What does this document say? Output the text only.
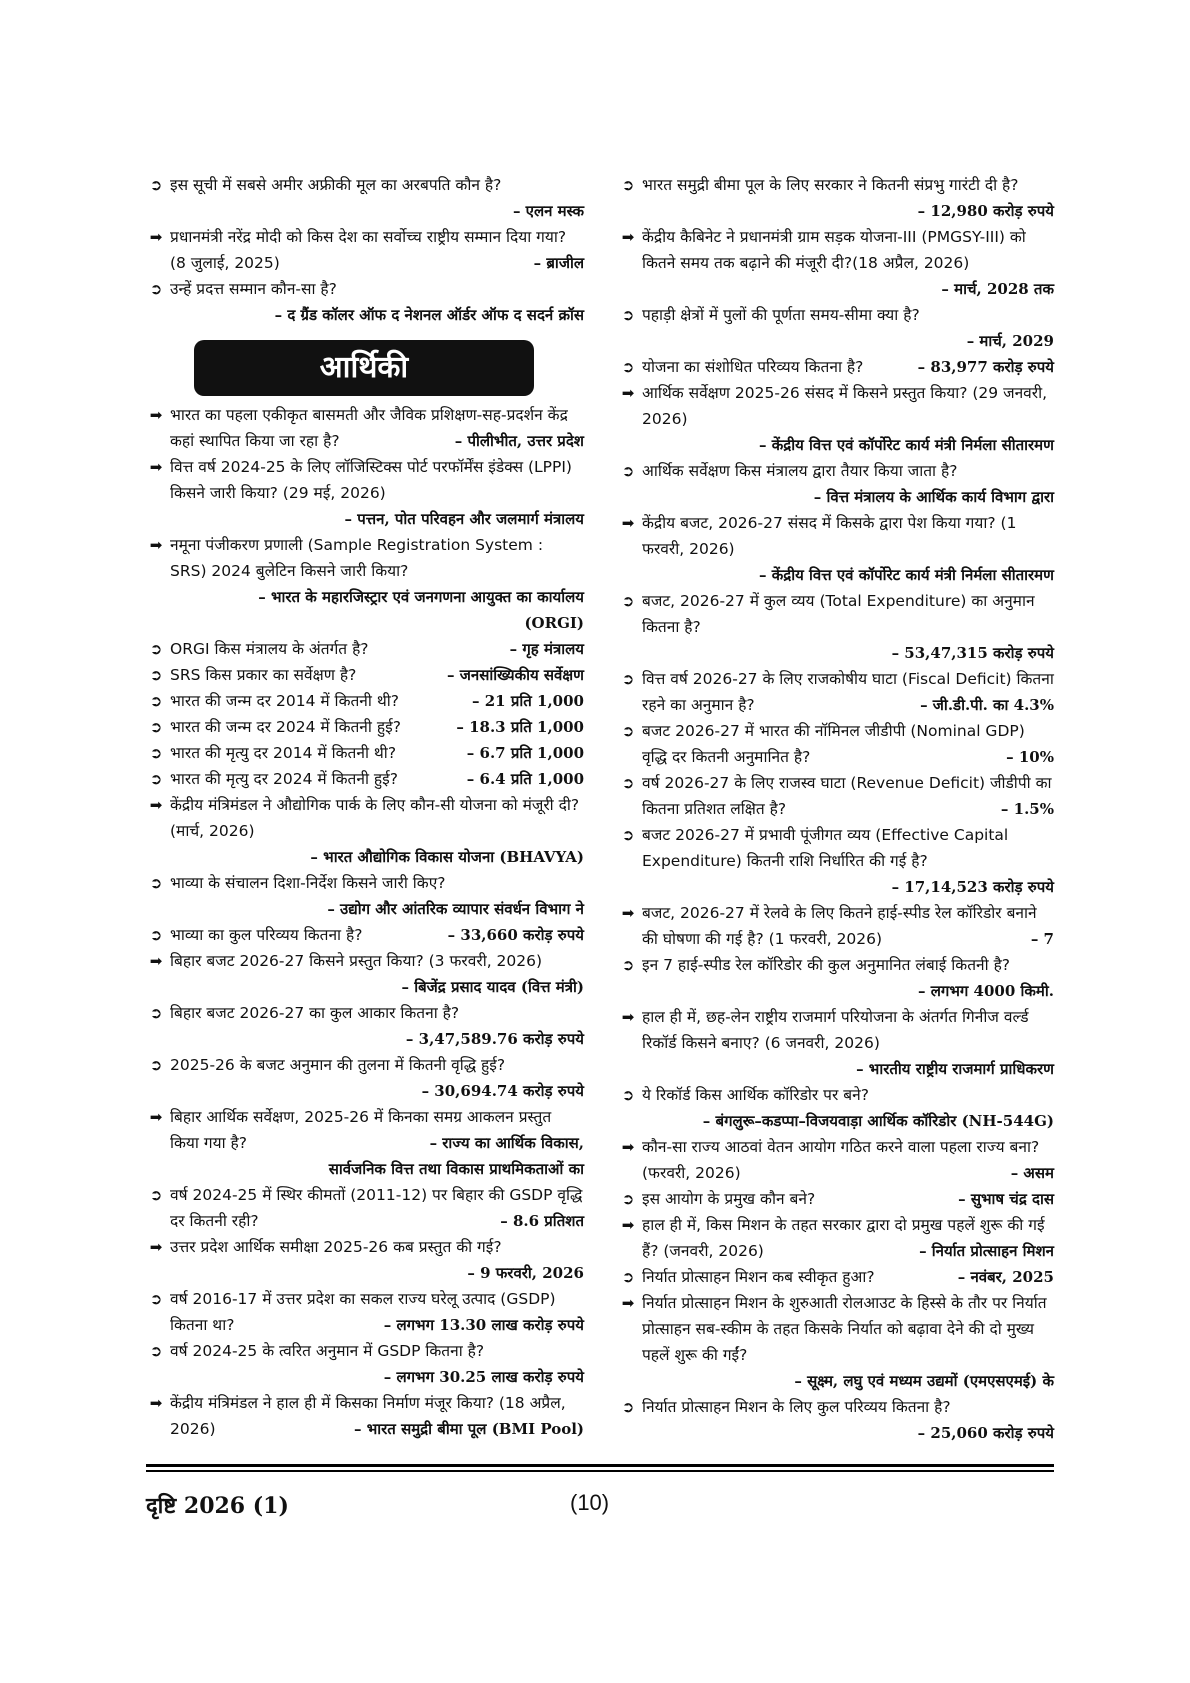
➲ इस सूची में सबसे अमीर अफ्रीकी मूल का अरबपति कौन है?
– एलन मस्क
➡ प्रधानमंत्री नरेंद्र मोदी को किस देश का सर्वोच्च राष्ट्रीय सम्मान दिया गया? (8 जुलाई, 2025)	– ब्राजील
➲ उन्हें प्रदत्त सम्मान कौन-सा है?
– द ग्रैंड कॉलर ऑफ द नेशनल ऑर्डर ऑफ द सदर्न क्रॉस
आर्थिकी
➡ भारत का पहला एकीकृत बासमती और जैविक प्रशिक्षण-सह-प्रदर्शन केंद्र कहां स्थापित किया जा रहा है?	– पीलीभीत, उत्तर प्रदेश
➡ वित्त वर्ष 2024-25 के लिए लॉजिस्टिक्स पोर्ट परफॉर्मेंस इंडेक्स (LPPI) किसने जारी किया? (29 मई, 2026)
– पत्तन, पोत परिवहन और जलमार्ग मंत्रालय
➡ नमूना पंजीकरण प्रणाली (Sample Registration System : SRS) 2024 बुलेटिन किसने जारी किया?
– भारत के महारजिस्ट्रार एवं जनगणना आयुक्त का कार्यालय
(ORGI)
➲ ORGI किस मंत्रालय के अंतर्गत है?	– गृह मंत्रालय
➲ SRS किस प्रकार का सर्वेक्षण है?	– जनसांख्यिकीय सर्वेक्षण
➲ भारत की जन्म दर 2014 में कितनी थी?	– 21 प्रति 1,000
➲ भारत की जन्म दर 2024 में कितनी हुई?	– 18.3 प्रति 1,000
➲ भारत की मृत्यु दर 2014 में कितनी थी?	– 6.7 प्रति 1,000
➲ भारत की मृत्यु दर 2024 में कितनी हुई?	– 6.4 प्रति 1,000
➡ केंद्रीय मंत्रिमंडल ने औद्योगिक पार्क के लिए कौन-सी योजना को मंजूरी दी? (मार्च, 2026)
– भारत औद्योगिक विकास योजना (BHAVYA)
➲ भाव्या के संचालन दिशा-निर्देश किसने जारी किए?
– उद्योग और आंतरिक व्यापार संवर्धन विभाग ने
➲ भाव्या का कुल परिव्यय कितना है?	– 33,660 करोड़ रुपये
➡ बिहार बजट 2026-27 किसने प्रस्तुत किया? (3 फरवरी, 2026)
– बिजेंद्र प्रसाद यादव (वित्त मंत्री)
➲ बिहार बजट 2026-27 का कुल आकार कितना है?
– 3,47,589.76 करोड़ रुपये
➲ 2025-26 के बजट अनुमान की तुलना में कितनी वृद्धि हुई?
– 30,694.74 करोड़ रुपये
➡ बिहार आर्थिक सर्वेक्षण, 2025-26 में किनका समग्र आकलन प्रस्तुत किया गया है?	– राज्य का आर्थिक विकास,
सार्वजनिक वित्त तथा विकास प्राथमिकताओं का
➲ वर्ष 2024-25 में स्थिर कीमतों (2011-12) पर बिहार की GSDP वृद्धि दर कितनी रही?	– 8.6 प्रतिशत
➡ उत्तर प्रदेश आर्थिक समीक्षा 2025-26 कब प्रस्तुत की गई?
– 9 फरवरी, 2026
➲ वर्ष 2016-17 में उत्तर प्रदेश का सकल राज्य घरेलू उत्पाद (GSDP) कितना था?	– लगभग 13.30 लाख करोड़ रुपये
➲ वर्ष 2024-25 के त्वरित अनुमान में GSDP कितना है?
– लगभग 30.25 लाख करोड़ रुपये
➡ केंद्रीय मंत्रिमंडल ने हाल ही में किसका निर्माण मंजूर किया? (18 अप्रैल, 2026)	– भारत समुद्री बीमा पूल (BMI Pool)
➲ भारत समुद्री बीमा पूल के लिए सरकार ने कितनी संप्रभु गारंटी दी है?
– 12,980 करोड़ रुपये
➡ केंद्रीय कैबिनेट ने प्रधानमंत्री ग्राम सड़क योजना-III (PMGSY-III) को कितने समय तक बढ़ाने की मंजूरी दी?(18 अप्रैल, 2026)
– मार्च, 2028 तक
➲ पहाड़ी क्षेत्रों में पुलों की पूर्णता समय-सीमा क्या है?
– मार्च, 2029
➲ योजना का संशोधित परिव्यय कितना है?	– 83,977 करोड़ रुपये
➡ आर्थिक सर्वेक्षण 2025-26 संसद में किसने प्रस्तुत किया? (29 जनवरी, 2026)
– केंद्रीय वित्त एवं कॉर्पोरेट कार्य मंत्री निर्मला सीतारमण
➲ आर्थिक सर्वेक्षण किस मंत्रालय द्वारा तैयार किया जाता है?
– वित्त मंत्रालय के आर्थिक कार्य विभाग द्वारा
➡ केंद्रीय बजट, 2026-27 संसद में किसके द्वारा पेश किया गया? (1 फरवरी, 2026)
– केंद्रीय वित्त एवं कॉर्पोरेट कार्य मंत्री निर्मला सीतारमण
➲ बजट, 2026-27 में कुल व्यय (Total Expenditure) का अनुमान कितना है?
– 53,47,315 करोड़ रुपये
➲ वित्त वर्ष 2026-27 के लिए राजकोषीय घाटा (Fiscal Deficit) कितना रहने का अनुमान है?	– जी.डी.पी. का 4.3%
➲ बजट 2026-27 में भारत की नॉमिनल जीडीपी (Nominal GDP) वृद्धि दर कितनी अनुमानित है?	– 10%
➲ वर्ष 2026-27 के लिए राजस्व घाटा (Revenue Deficit) जीडीपी का कितना प्रतिशत लक्षित है?	– 1.5%
➲ बजट 2026-27 में प्रभावी पूंजीगत व्यय (Effective Capital Expenditure) कितनी राशि निर्धारित की गई है?
– 17,14,523 करोड़ रुपये
➡ बजट, 2026-27 में रेलवे के लिए कितने हाई-स्पीड रेल कॉरिडोर बनाने की घोषणा की गई है? (1 फरवरी, 2026)	– 7
➲ इन 7 हाई-स्पीड रेल कॉरिडोर की कुल अनुमानित लंबाई कितनी है?
– लगभग 4000 किमी.
➡ हाल ही में, छह-लेन राष्ट्रीय राजमार्ग परियोजना के अंतर्गत गिनीज वर्ल्ड रिकॉर्ड किसने बनाए? (6 जनवरी, 2026)
– भारतीय राष्ट्रीय राजमार्ग प्राधिकरण
➲ ये रिकॉर्ड किस आर्थिक कॉरिडोर पर बने?
– बंगलुरू–कडप्पा–विजयवाड़ा आर्थिक कॉरिडोर (NH-544G)
➡ कौन-सा राज्य आठवां वेतन आयोग गठित करने वाला पहला राज्य बना? (फरवरी, 2026)	– असम
➲ इस आयोग के प्रमुख कौन बने?	– सुभाष चंद्र दास
➡ हाल ही में, किस मिशन के तहत सरकार द्वारा दो प्रमुख पहलें शुरू की गई हैं? (जनवरी, 2026)	– निर्यात प्रोत्साहन मिशन
➲ निर्यात प्रोत्साहन मिशन कब स्वीकृत हुआ?	– नवंबर, 2025
➡ निर्यात प्रोत्साहन मिशन के शुरुआती रोलआउट के हिस्से के तौर पर निर्यात प्रोत्साहन सब-स्कीम के तहत किसके निर्यात को बढ़ावा देने की दो मुख्य पहलें शुरू की गईं?
– सूक्ष्म, लघु एवं मध्यम उद्यमों (एमएसएमई) के
➲ निर्यात प्रोत्साहन मिशन के लिए कुल परिव्यय कितना है?
– 25,060 करोड़ रुपये
दृष्टि 2026 (1)	(10)
